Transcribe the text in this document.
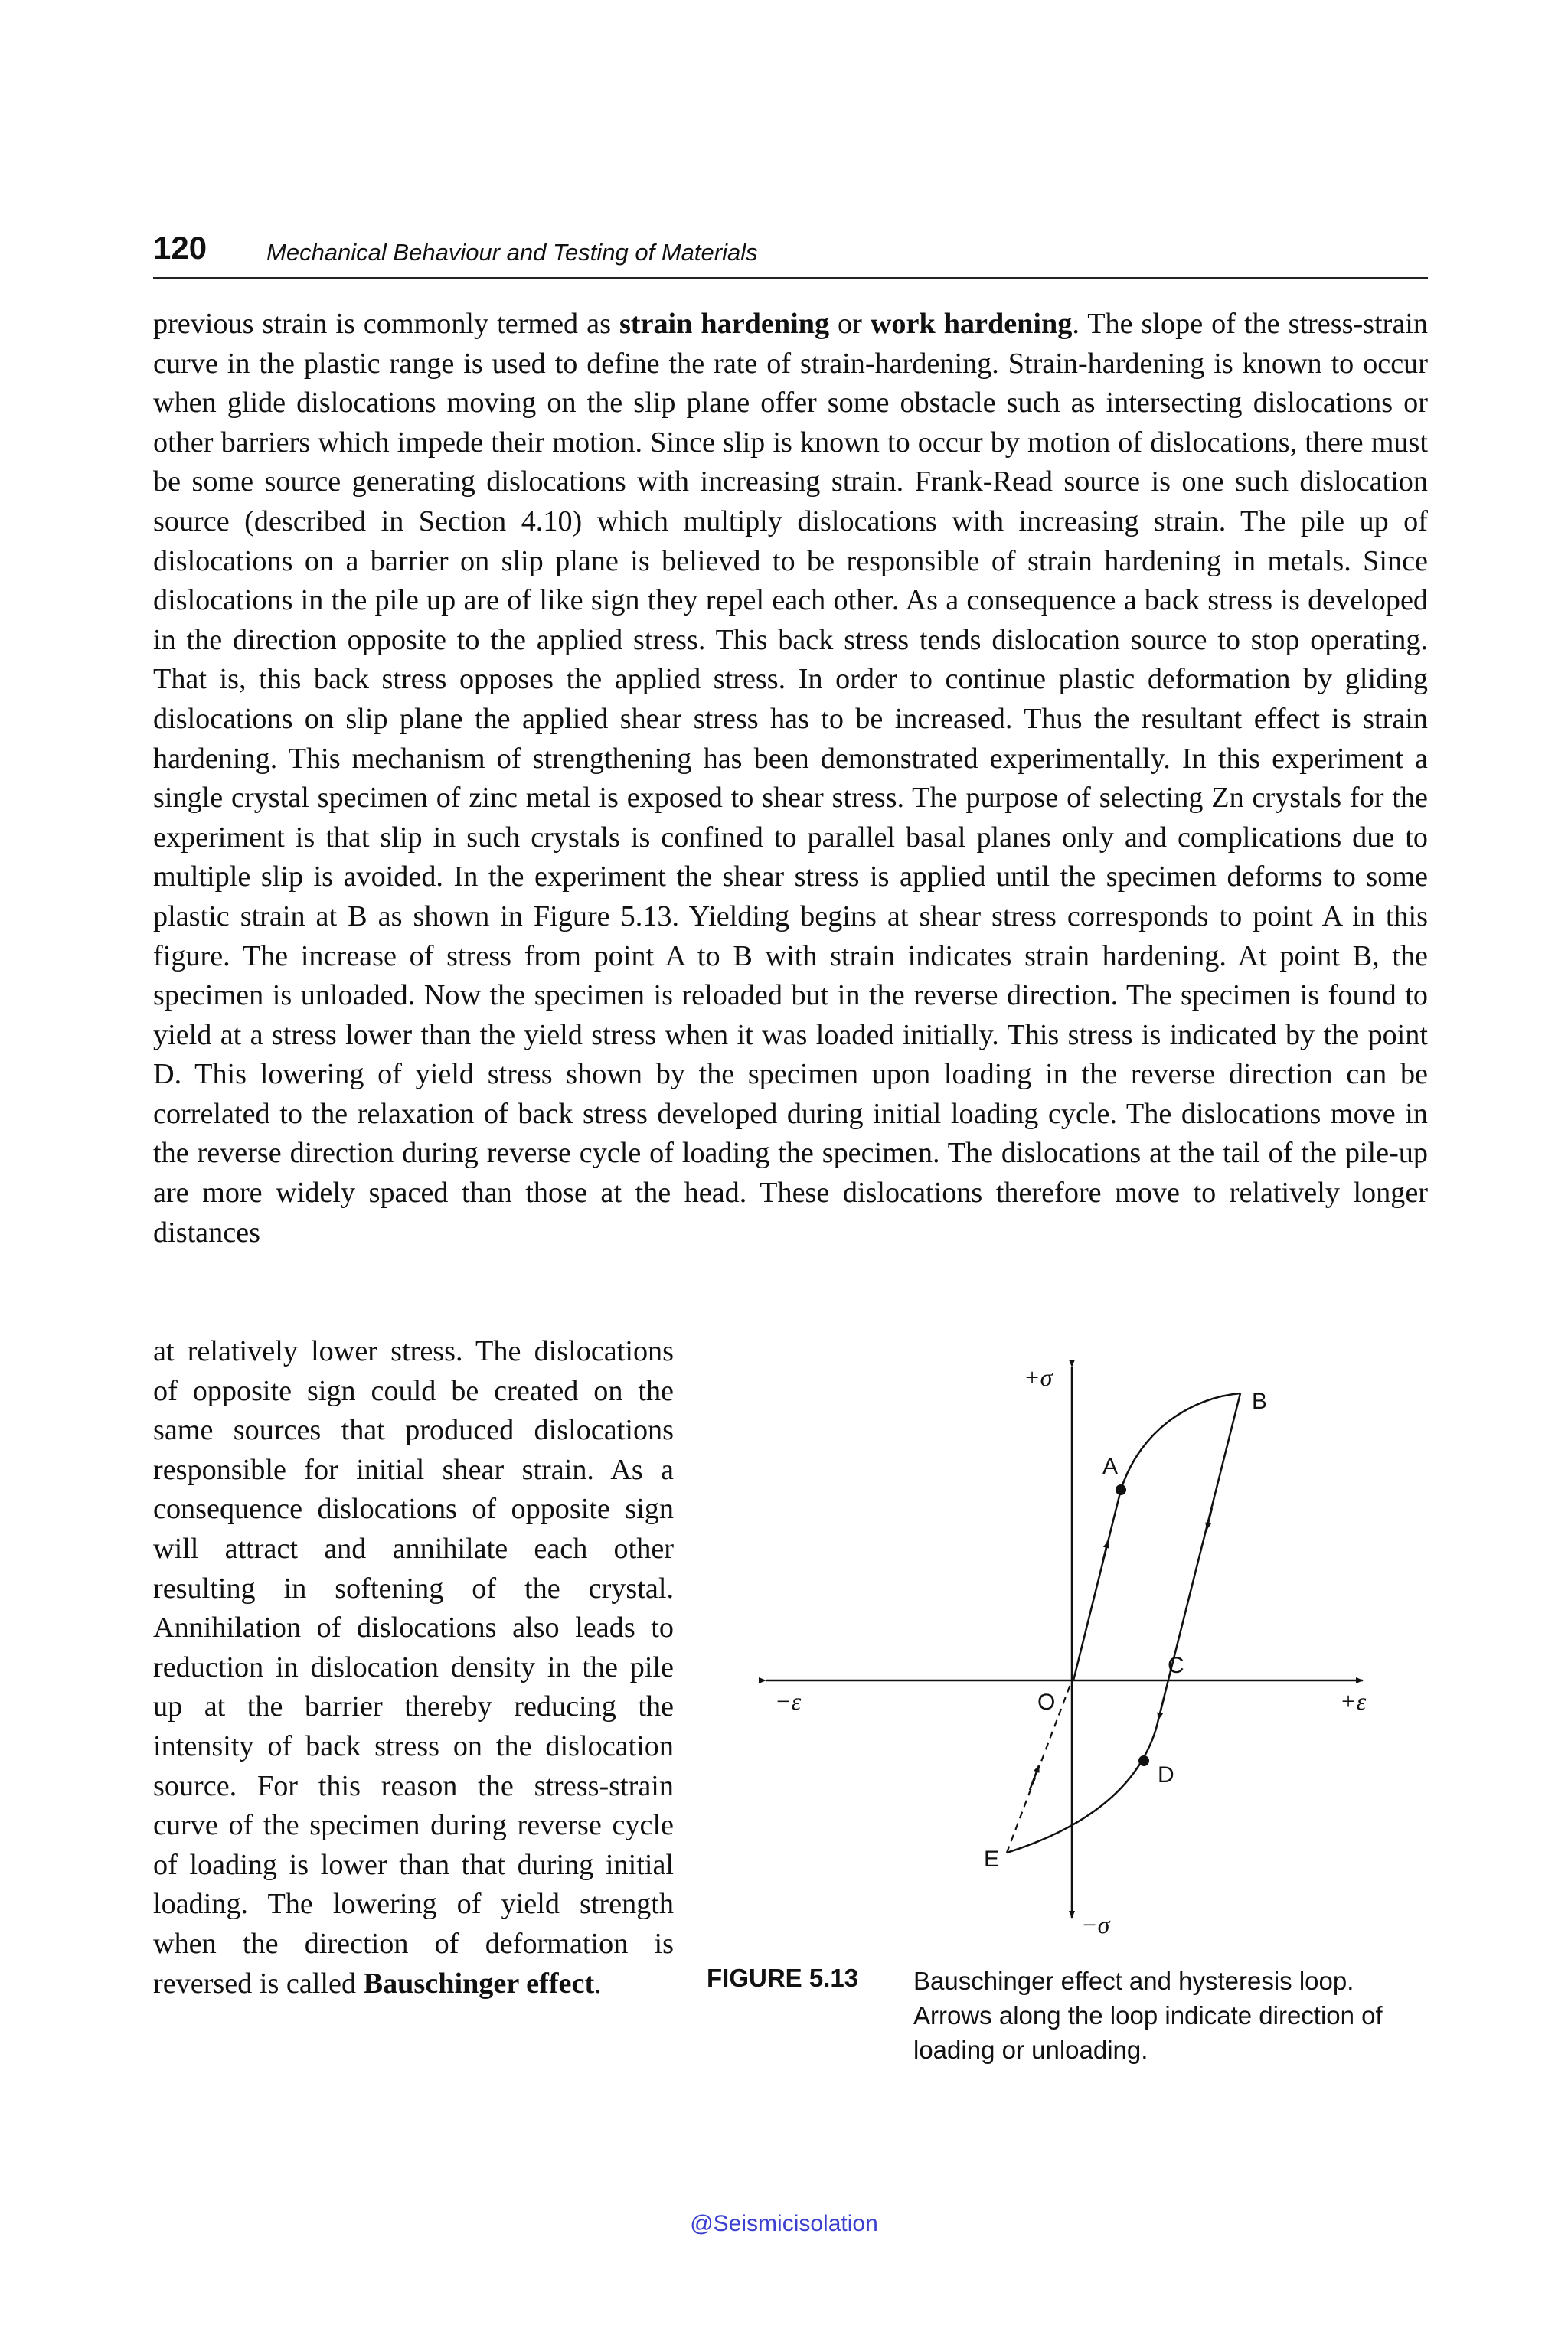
120	Mechanical Behaviour and Testing of Materials

previous strain is commonly termed as strain hardening or work hardening. The slope of the stress-strain curve in the plastic range is used to define the rate of strain-hardening. Strain-hardening is known to occur when glide dislocations moving on the slip plane offer some obstacle such as intersecting dislocations or other barriers which impede their motion. Since slip is known to occur by motion of dislocations, there must be some source generating dislocations with increasing strain. Frank-Read source is one such dislocation source (described in Section 4.10) which multiply dislocations with increasing strain. The pile up of dislocations on a barrier on slip plane is believed to be responsible of strain hardening in metals. Since dislocations in the pile up are of like sign they repel each other. As a consequence a back stress is developed in the direction opposite to the applied stress. This back stress tends dislocation source to stop operating. That is, this back stress opposes the applied stress. In order to continue plastic deformation by gliding dislocations on slip plane the applied shear stress has to be increased. Thus the resultant effect is strain hardening. This mechanism of strengthening has been demonstrated experimentally. In this experiment a single crystal specimen of zinc metal is exposed to shear stress. The purpose of selecting Zn crystals for the experiment is that slip in such crystals is confined to parallel basal planes only and complications due to multiple slip is avoided. In the experiment the shear stress is applied until the specimen deforms to some plastic strain at B as shown in Figure 5.13. Yielding begins at shear stress corresponds to point A in this figure. The increase of stress from point A to B with strain indicates strain hardening. At point B, the specimen is unloaded. Now the specimen is reloaded but in the reverse direction. The specimen is found to yield at a stress lower than the yield stress when it was loaded initially. This stress is indicated by the point D. This lowering of yield stress shown by the specimen upon loading in the reverse direction can be correlated to the relaxation of back stress developed during initial loading cycle. The dislocations move in the reverse direction during reverse cycle of loading the specimen. The dislocations at the tail of the pile-up are more widely spaced than those at the head. These dislocations therefore move to relatively longer distances

at relatively lower stress. The dislocations of opposite sign could be created on the same sources that produced dislocations responsible for initial shear strain. As a consequence dislocations of opposite sign will attract and annihilate each other resulting in softening of the crystal. Annihilation of dislocations also leads to reduction in dislocation density in the pile up at the barrier thereby reducing the intensity of back stress on the dislocation source. For this reason the stress-strain curve of the specimen during reverse cycle of loading is lower than that during initial loading. The lowering of yield strength when the direction of deformation is reversed is called Bauschinger effect.

+σ
−σ
+ε
−ε
A
B
C
D
E
O
FIGURE 5.13 Bauschinger effect and hysteresis loop. Arrows along the loop indicate direction of loading or unloading.
@Seismicisolation
